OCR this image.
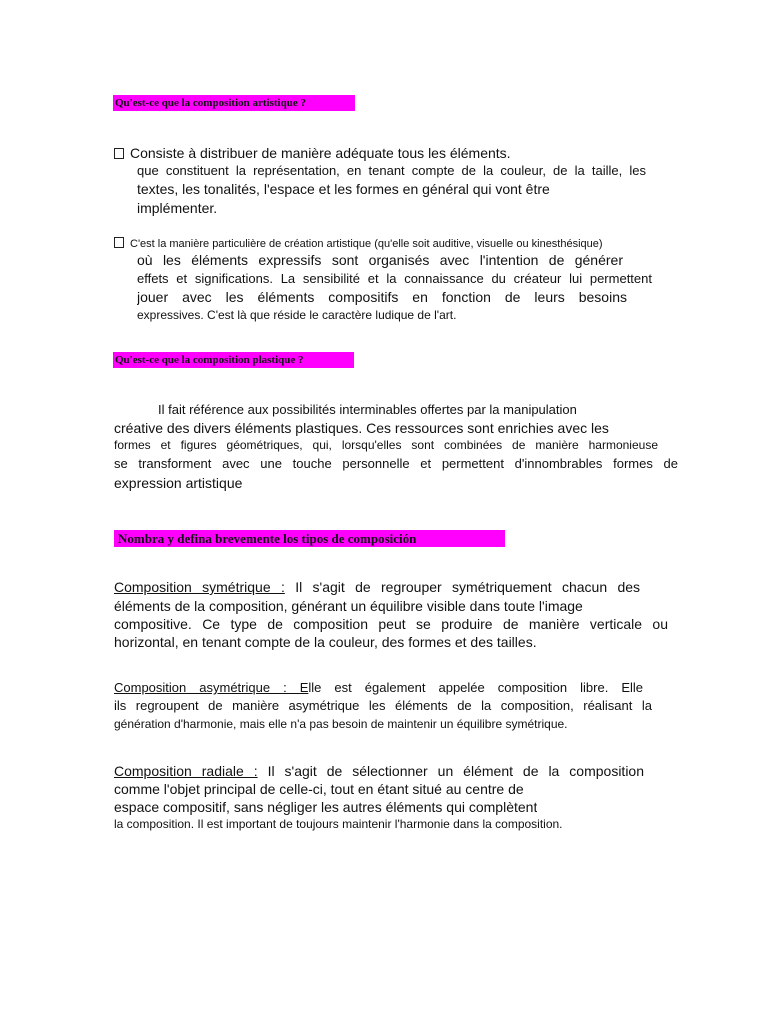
Qu'est-ce que la composition artistique ?
Consiste à distribuer de manière adéquate tous les éléments.
que constituent la représentation, en tenant compte de la couleur, de la taille, les
textes, les tonalités, l'espace et les formes en général qui vont être
implémenter.
C'est la manière particulière de création artistique (qu'elle soit auditive, visuelle ou kinesthésique)
où les éléments expressifs sont organisés avec l'intention de générer
effets et significations. La sensibilité et la connaissance du créateur lui permettent
jouer avec les éléments compositifs en fonction de leurs besoins
expressives. C'est là que réside le caractère ludique de l'art.
Qu'est-ce que la composition plastique ?
Il fait référence aux possibilités interminables offertes par la manipulation
créative des divers éléments plastiques. Ces ressources sont enrichies avec les
formes et figures géométriques, qui, lorsqu'elles sont combinées de manière harmonieuse
se transforment avec une touche personnelle et permettent d'innombrables formes de
expression artistique
Nombra y defina brevemente los tipos de composición
Composition symétrique : Il s'agit de regrouper symétriquement chacun des
éléments de la composition, générant un équilibre visible dans toute l'image
compositive. Ce type de composition peut se produire de manière verticale ou
horizontal, en tenant compte de la couleur, des formes et des tailles.
Composition asymétrique : Elle est également appelée composition libre. Elle
ils regroupent de manière asymétrique les éléments de la composition, réalisant la
génération d'harmonie, mais elle n'a pas besoin de maintenir un équilibre symétrique.
Composition radiale : Il s'agit de sélectionner un élément de la composition
comme l'objet principal de celle-ci, tout en étant situé au centre de
espace compositif, sans négliger les autres éléments qui complètent
la composition. Il est important de toujours maintenir l'harmonie dans la composition.
